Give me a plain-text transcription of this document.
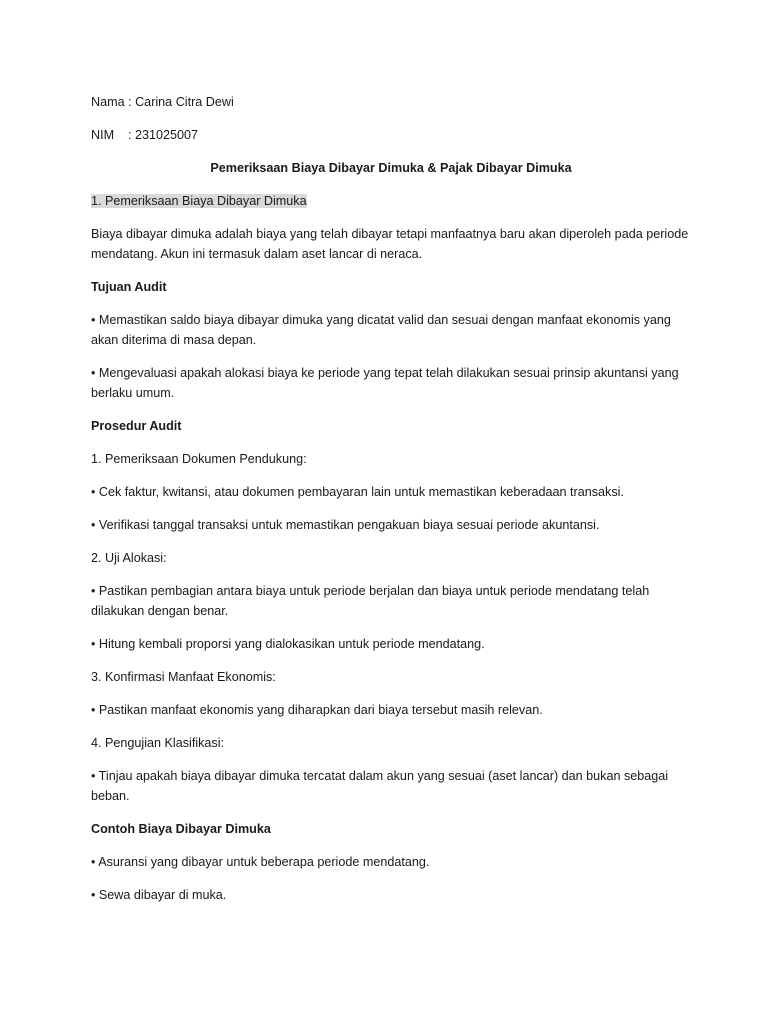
Nama : Carina Citra Dewi

NIM : 231025007

Pemeriksaan Biaya Dibayar Dimuka & Pajak Dibayar Dimuka

1. Pemeriksaan Biaya Dibayar Dimuka

Biaya dibayar dimuka adalah biaya yang telah dibayar tetapi manfaatnya baru akan diperoleh pada periode mendatang. Akun ini termasuk dalam aset lancar di neraca.

Tujuan Audit

• Memastikan saldo biaya dibayar dimuka yang dicatat valid dan sesuai dengan manfaat ekonomis yang akan diterima di masa depan.

• Mengevaluasi apakah alokasi biaya ke periode yang tepat telah dilakukan sesuai prinsip akuntansi yang berlaku umum.

Prosedur Audit

1. Pemeriksaan Dokumen Pendukung:

• Cek faktur, kwitansi, atau dokumen pembayaran lain untuk memastikan keberadaan transaksi.

• Verifikasi tanggal transaksi untuk memastikan pengakuan biaya sesuai periode akuntansi.

2. Uji Alokasi:

• Pastikan pembagian antara biaya untuk periode berjalan dan biaya untuk periode mendatang telah dilakukan dengan benar.

• Hitung kembali proporsi yang dialokasikan untuk periode mendatang.

3. Konfirmasi Manfaat Ekonomis:

• Pastikan manfaat ekonomis yang diharapkan dari biaya tersebut masih relevan.

4. Pengujian Klasifikasi:

• Tinjau apakah biaya dibayar dimuka tercatat dalam akun yang sesuai (aset lancar) dan bukan sebagai beban.

Contoh Biaya Dibayar Dimuka

• Asuransi yang dibayar untuk beberapa periode mendatang.

• Sewa dibayar di muka.
